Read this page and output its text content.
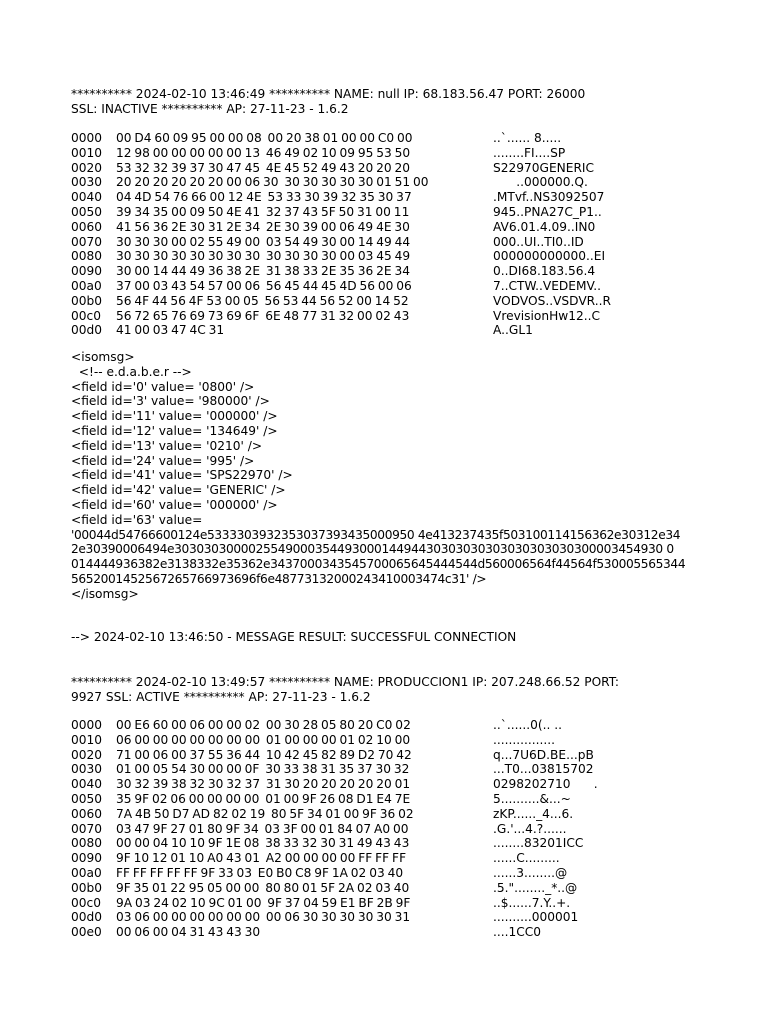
********** 2024-02-10 13:46:49 ********** NAME: null IP: 68.183.56.47 PORT: 26000
SSL: INACTIVE ********** AP: 27-11-23 - 1.6.2
0000 00 D4 60 09 95 00 00 08  00 20 38 01 00 00 C0 00	..`...... 8.....
0010 12 98 00 00 00 00 00 13  46 49 02 10 09 95 53 50	........FI....SP
0020 53 32 32 39 37 30 47 45  4E 45 52 49 43 20 20 20	S22970GENERIC
0030 20 20 20 20 20 20 00 06 30  30 30 30 30 30 01 51 00	..000000.Q.
0040 04 4D 54 76 66 00 12 4E  53 33 30 39 32 35 30 37	.MTvf..NS3092507
0050 39 34 35 00 09 50 4E 41  32 37 43 5F 50 31 00 11	945..PNA27C_P1..
0060 41 56 36 2E 30 31 2E 34  2E 30 39 00 06 49 4E 30	AV6.01.4.09..IN0
0070 30 30 30 00 02 55 49 00  03 54 49 30 00 14 49 44	000..UI..TI0..ID
0080 30 30 30 30 30 30 30 30  30 30 30 30 00 03 45 49	000000000000..EI
0090 30 00 14 44 49 36 38 2E  31 38 33 2E 35 36 2E 34	0..DI68.183.56.4
00a0 37 00 03 43 54 57 00 06  56 45 44 45 4D 56 00 06	7..CTW..VEDEMV..
00b0 56 4F 44 56 4F 53 00 05  56 53 44 56 52 00 14 52	VODVOS..VSDVR..R
00c0 56 72 65 76 69 73 69 6F  6E 48 77 31 32 00 02 43	VrevisionHw12..C
00d0 41 00 03 47 4C 31	A..GL1
<isomsg>
<!-- e.d.a.b.e.r -->
<field id='0' value= '0800' />
<field id='3' value= '980000' />
<field id='11' value= '000000' />
<field id='12' value= '134649' />
<field id='13' value= '0210' />
<field id='24' value= '995' />
<field id='41' value= 'SPS22970' />
<field id='42' value= 'GENERIC' />
<field id='60' value= '000000' />
<field id='63' value=
'00044d54766600124e5333303932353037393435000950 4e413237435f503100114156362e30312e34
2e30390006494e303030300002554900035449300014494430303030303030303030300003454930 0
014444936382e3138332e35362e3437000343545700065645444544d560006564f44564f530005565344
5652001452567265766973696f6e48773132000243410003474c31' />
</isomsg>
--> 2024-02-10 13:46:50 - MESSAGE RESULT: SUCCESSFUL CONNECTION
********** 2024-02-10 13:49:57 ********** NAME: PRODUCCION1 IP: 207.248.66.52 PORT:
9927 SSL: ACTIVE ********** AP: 27-11-23 - 1.6.2
0000 00 E6 60 00 06 00 00 02  00 30 28 05 80 20 C0 02	..`......0(.. ..
0010 06 00 00 00 00 00 00 00  01 00 00 00 01 02 10 00	................
0020 71 00 06 00 37 55 36 44  10 42 45 82 89 D2 70 42	q...7U6D.BE...pB
0030 01 00 05 54 30 00 00 0F  30 33 38 31 35 37 30 32	...T0...03815702
0040 30 32 39 38 32 30 32 37  31 30 20 20 20 20 20 01	0298202710      .
0050 35 9F 02 06 00 00 00 00  01 00 9F 26 08 D1 E4 7E	5..........&...~
0060 7A 4B 50 D7 AD 82 02 19  80 5F 34 01 00 9F 36 02	zKP......_4...6.
0070 03 47 9F 27 01 80 9F 34  03 3F 00 01 84 07 A0 00	.G.'...4.?......
0080 00 00 04 10 10 9F 1E 08  38 33 32 30 31 49 43 43	........83201ICC
0090 9F 10 12 01 10 A0 43 01  A2 00 00 00 00 FF FF FF	......C.........
00a0 FF FF FF FF FF 9F 33 03  E0 B0 C8 9F 1A 02 03 40	......3........@
00b0 9F 35 01 22 95 05 00 00  80 80 01 5F 2A 02 03 40	.5."........_*..@
00c0 9A 03 24 02 10 9C 01 00  9F 37 04 59 E1 BF 2B 9F	..$......7.Y..+.
00d0 03 06 00 00 00 00 00 00  00 06 30 30 30 30 30 31	..........000001
00e0 00 06 00 04 31 43 43 30	....1CC0
